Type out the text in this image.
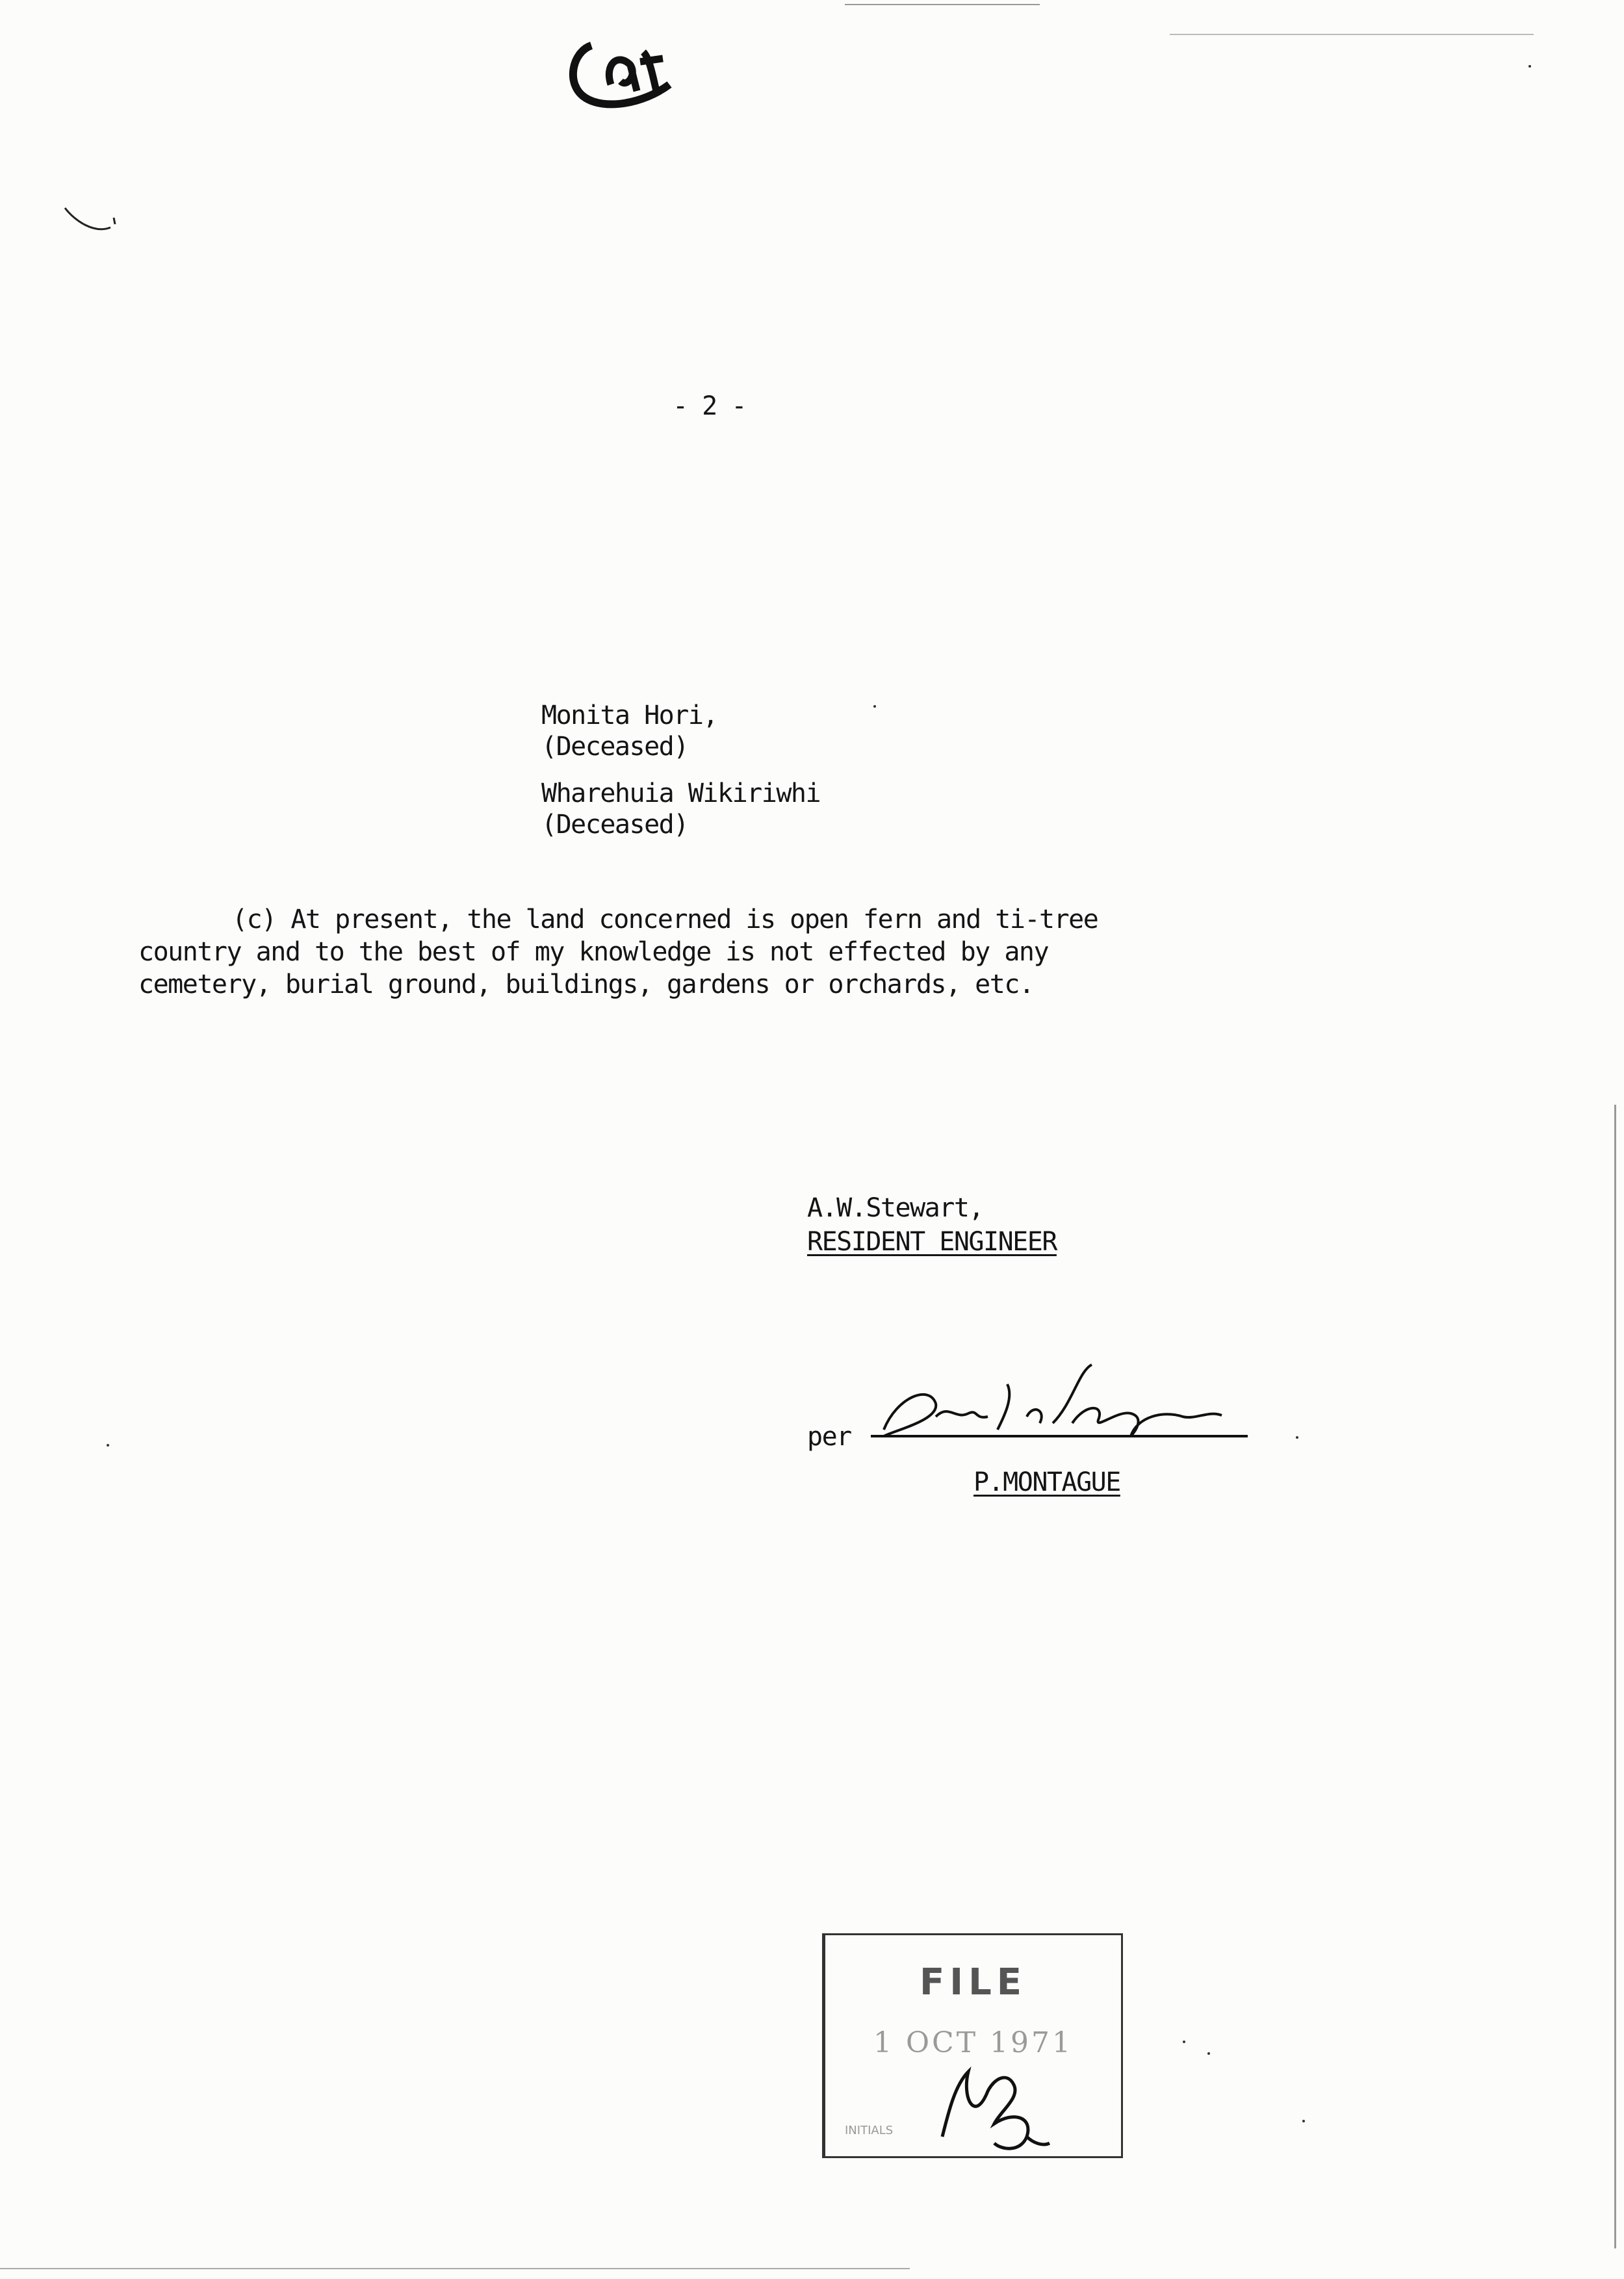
- 2 -
Monita Hori,
(Deceased)
Wharehuia Wikiriwhi
(Deceased)
(c) At present, the land concerned is open fern and ti-tree
country and to the best of my knowledge is not effected by any
cemetery, burial ground, buildings, gardens or orchards, etc.
A.W.Stewart,
RESIDENT ENGINEER
per
P.MONTAGUE
FILE
1 OCT 1971
INITIALS
